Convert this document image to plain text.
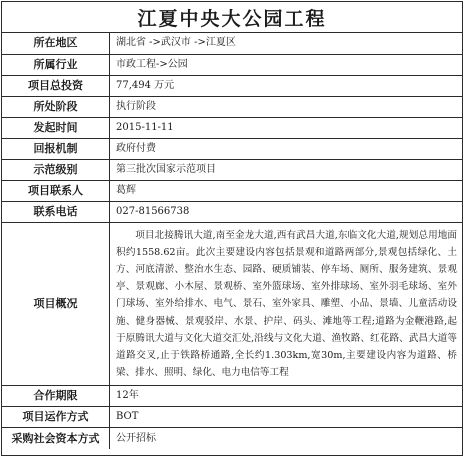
江夏中央大公园工程
所在地区	湖北省 ->武汉市 ->江夏区
所属行业	市政工程->公园
项目总投资	77,494 万元
所处阶段	执行阶段
发起时间	2015-11-11
回报机制	政府付费
示范级别	第三批次国家示范项目
项目联系人	葛辉
联系电话	027-81566738
项目概况	项目北接腾讯大道,南至金龙大道,西有武昌大道,东临文化大道,规划总用地面积约1558.62亩。此次主要建设内容包括景观和道路两部分,景观包括绿化、土方、河底清淤、整治水生态、园路、硬质铺装、停车场、厕所、服务建筑、景观亭、景观廊、小木屋、景观桥、室外篮球场、室外排球场、室外羽毛球场、室外门球场、室外给排水、电气、景石、室外家具、雕塑、小品、景墙、儿童活动设施、健身器械、景观驳岸、水景、护岸、码头、滩地等工程;道路为金鞭港路,起于原腾讯大道与文化大道交汇处,沿线与文化大道、渔牧路、红花路、武昌大道等道路交叉,止于铁路桥通路,全长约1.303km,宽30m,主要建设内容为道路、桥梁、排水、照明、绿化、电力电信等工程
合作期限	12年
项目运作方式	BOT
采购社会资本方式	公开招标
